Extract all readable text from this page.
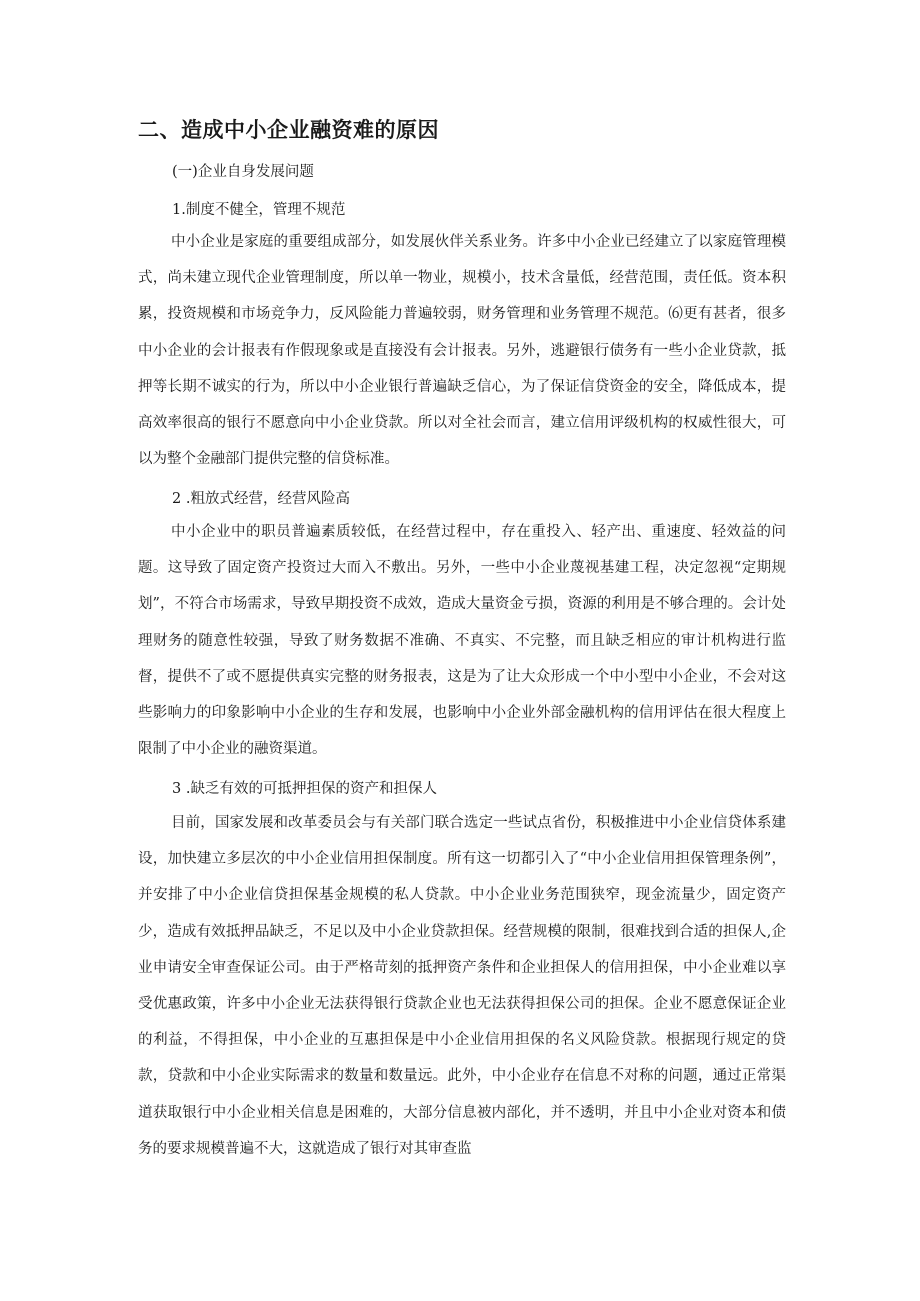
二、造成中小企业融资难的原因

(一)企业自身发展问题

1.制度不健全，管理不规范

中小企业是家庭的重要组成部分，如发展伙伴关系业务。许多中小企业已经建立了以家庭管理模式，尚未建立现代企业管理制度，所以单一物业，规模小，技术含量低，经营范围，责任低。资本积累，投资规模和市场竞争力，反风险能力普遍较弱，财务管理和业务管理不规范。⑹更有甚者，很多中小企业的会计报表有作假现象或是直接没有会计报表。另外，逃避银行债务有一些小企业贷款，抵押等长期不诚实的行为，所以中小企业银行普遍缺乏信心，为了保证信贷资金的安全，降低成本，提高效率很高的银行不愿意向中小企业贷款。所以对全社会而言，建立信用评级机构的权威性很大，可以为整个金融部门提供完整的信贷标准。

2 .粗放式经营，经营风险高

中小企业中的职员普遍素质较低，在经营过程中，存在重投入、轻产出、重速度、轻效益的问题。这导致了固定资产投资过大而入不敷出。另外，一些中小企业蔑视基建工程，决定忽视“定期规划”，不符合市场需求，导致早期投资不成效，造成大量资金亏损，资源的利用是不够合理的。会计处理财务的随意性较强，导致了财务数据不准确、不真实、不完整，而且缺乏相应的审计机构进行监督，提供不了或不愿提供真实完整的财务报表，这是为了让大众形成一个中小型中小企业，不会对这些影响力的印象影响中小企业的生存和发展，也影响中小企业外部金融机构的信用评估在很大程度上限制了中小企业的融资渠道。

3 .缺乏有效的可抵押担保的资产和担保人

目前，国家发展和改革委员会与有关部门联合选定一些试点省份，积极推进中小企业信贷体系建设，加快建立多层次的中小企业信用担保制度。所有这一切都引入了“中小企业信用担保管理条例”，并安排了中小企业信贷担保基金规模的私人贷款。中小企业业务范围狭窄，现金流量少，固定资产少，造成有效抵押品缺乏，不足以及中小企业贷款担保。经营规模的限制，很难找到合适的担保人,企业申请安全审查保证公司。由于严格苛刻的抵押资产条件和企业担保人的信用担保，中小企业难以享受优惠政策，许多中小企业无法获得银行贷款企业也无法获得担保公司的担保。企业不愿意保证企业的利益，不得担保，中小企业的互惠担保是中小企业信用担保的名义风险贷款。根据现行规定的贷款，贷款和中小企业实际需求的数量和数量远。此外，中小企业存在信息不对称的问题，通过正常渠道获取银行中小企业相关信息是困难的，大部分信息被内部化，并不透明，并且中小企业对资本和债务的要求规模普遍不大，这就造成了银行对其审查监
